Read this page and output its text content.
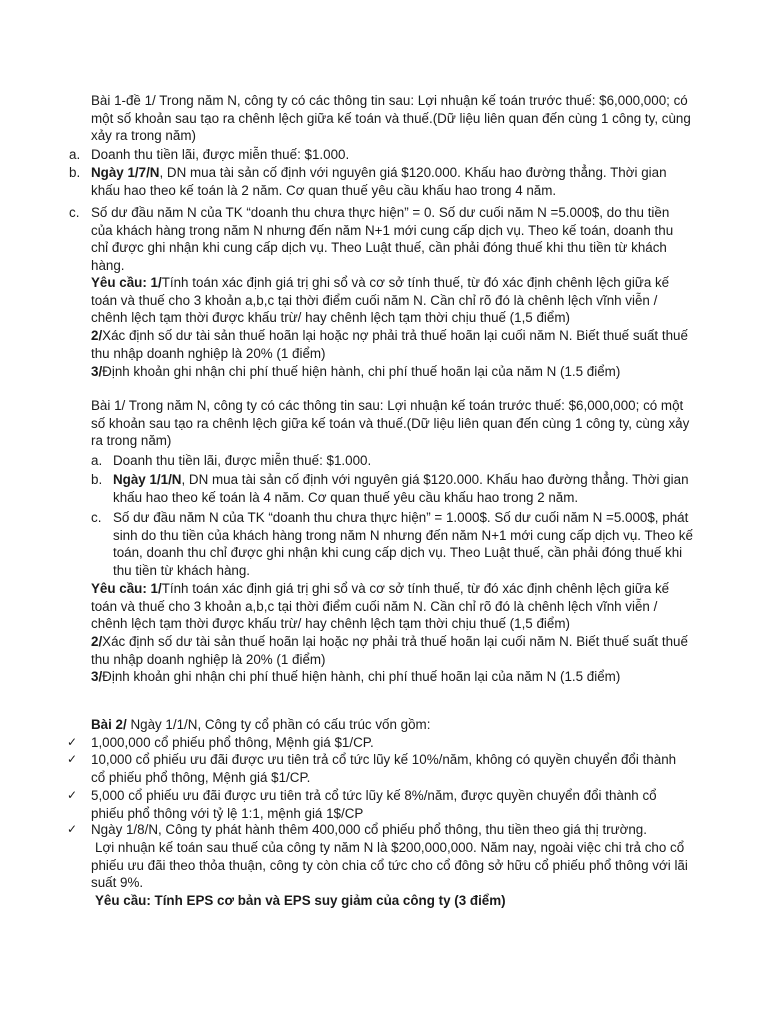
Bài 1-đề 1/ Trong năm N, công ty có các thông tin sau: Lợi nhuận kế toán trước thuế: $6,000,000; có một số khoản sau tạo ra chênh lệch giữa kế toán và thuế.(Dữ liệu liên quan đến cùng 1 công ty, cùng xảy ra trong năm)

a. Doanh thu tiền lãi, được miễn thuế: $1.000.
b. Ngày 1/7/N, DN mua tài sản cố định với nguyên giá $120.000. Khấu hao đường thẳng. Thời gian khấu hao theo kế toán là 2 năm. Cơ quan thuế yêu cầu khấu hao trong 4 năm.
c. Số dư đầu năm N của TK “doanh thu chưa thực hiện” = 0. Số dư cuối năm N =5.000$, do thu tiền của khách hàng trong năm N nhưng đến năm N+1 mới cung cấp dịch vụ. Theo kế toán, doanh thu chỉ được ghi nhận khi cung cấp dịch vụ. Theo Luật thuế, cần phải đóng thuế khi thu tiền từ khách hàng.

Yêu cầu: 1/Tính toán xác định giá trị ghi sổ và cơ sở tính thuế, từ đó xác định chênh lệch giữa kế toán và thuế cho 3 khoản a,b,c tại thời điểm cuối năm N. Cần chỉ rõ đó là chênh lệch vĩnh viễn / chênh lệch tạm thời được khấu trừ/ hay chênh lệch tạm thời chịu thuế (1,5 điểm)

2/Xác định số dư tài sản thuế hoãn lại hoặc nợ phải trả thuế hoãn lại cuối năm N. Biết thuế suất thuế thu nhập doanh nghiệp là 20% (1 điểm)

3/Định khoản ghi nhận chi phí thuế hiện hành, chi phí thuế hoãn lại của năm N (1.5 điểm)

Bài 1/ Trong năm N, công ty có các thông tin sau: Lợi nhuận kế toán trước thuế: $6,000,000; có một số khoản sau tạo ra chênh lệch giữa kế toán và thuế.(Dữ liệu liên quan đến cùng 1 công ty, cùng xảy ra trong năm)

a. Doanh thu tiền lãi, được miễn thuế: $1.000.
b. Ngày 1/1/N, DN mua tài sản cố định với nguyên giá $120.000. Khấu hao đường thẳng. Thời gian khấu hao theo kế toán là 4 năm. Cơ quan thuế yêu cầu khấu hao trong 2 năm.
c. Số dư đầu năm N của TK “doanh thu chưa thực hiện” = 1.000$. Số dư cuối năm N =5.000$, phát sinh do thu tiền của khách hàng trong năm N nhưng đến năm N+1 mới cung cấp dịch vụ. Theo kế toán, doanh thu chỉ được ghi nhận khi cung cấp dịch vụ. Theo Luật thuế, cần phải đóng thuế khi thu tiền từ khách hàng.

Yêu cầu: 1/Tính toán xác định giá trị ghi sổ và cơ sở tính thuế, từ đó xác định chênh lệch giữa kế toán và thuế cho 3 khoản a,b,c tại thời điểm cuối năm N. Cần chỉ rõ đó là chênh lệch vĩnh viễn / chênh lệch tạm thời được khấu trừ/ hay chênh lệch tạm thời chịu thuế (1,5 điểm)

2/Xác định số dư tài sản thuế hoãn lại hoặc nợ phải trả thuế hoãn lại cuối năm N. Biết thuế suất thuế thu nhập doanh nghiệp là 20% (1 điểm)

3/Định khoản ghi nhận chi phí thuế hiện hành, chi phí thuế hoãn lại của năm N (1.5 điểm)

Bài 2/ Ngày 1/1/N, Công ty cổ phần có cấu trúc vốn gồm:

✓ 1,000,000 cổ phiếu phổ thông, Mệnh giá $1/CP.
✓ 10,000 cổ phiếu ưu đãi được ưu tiên trả cổ tức lũy kế 10%/năm, không có quyền chuyển đổi thành cổ phiếu phổ thông, Mệnh giá $1/CP.
✓ 5,000 cổ phiếu ưu đãi được ưu tiên trả cổ tức lũy kế 8%/năm, được quyền chuyển đổi thành cổ phiếu phổ thông với tỷ lệ 1:1, mệnh giá 1$/CP
✓ Ngày 1/8/N, Công ty phát hành thêm 400,000 cổ phiếu phổ thông, thu tiền theo giá thị trường.

Lợi nhuận kế toán sau thuế của công ty năm N là $200,000,000. Năm nay, ngoài việc chi trả cho cổ phiếu ưu đãi theo thỏa thuận, công ty còn chia cổ tức cho cổ đông sở hữu cổ phiếu phổ thông với lãi suất 9%.

Yêu cầu: Tính EPS cơ bản và EPS suy giảm của công ty (3 điểm)
